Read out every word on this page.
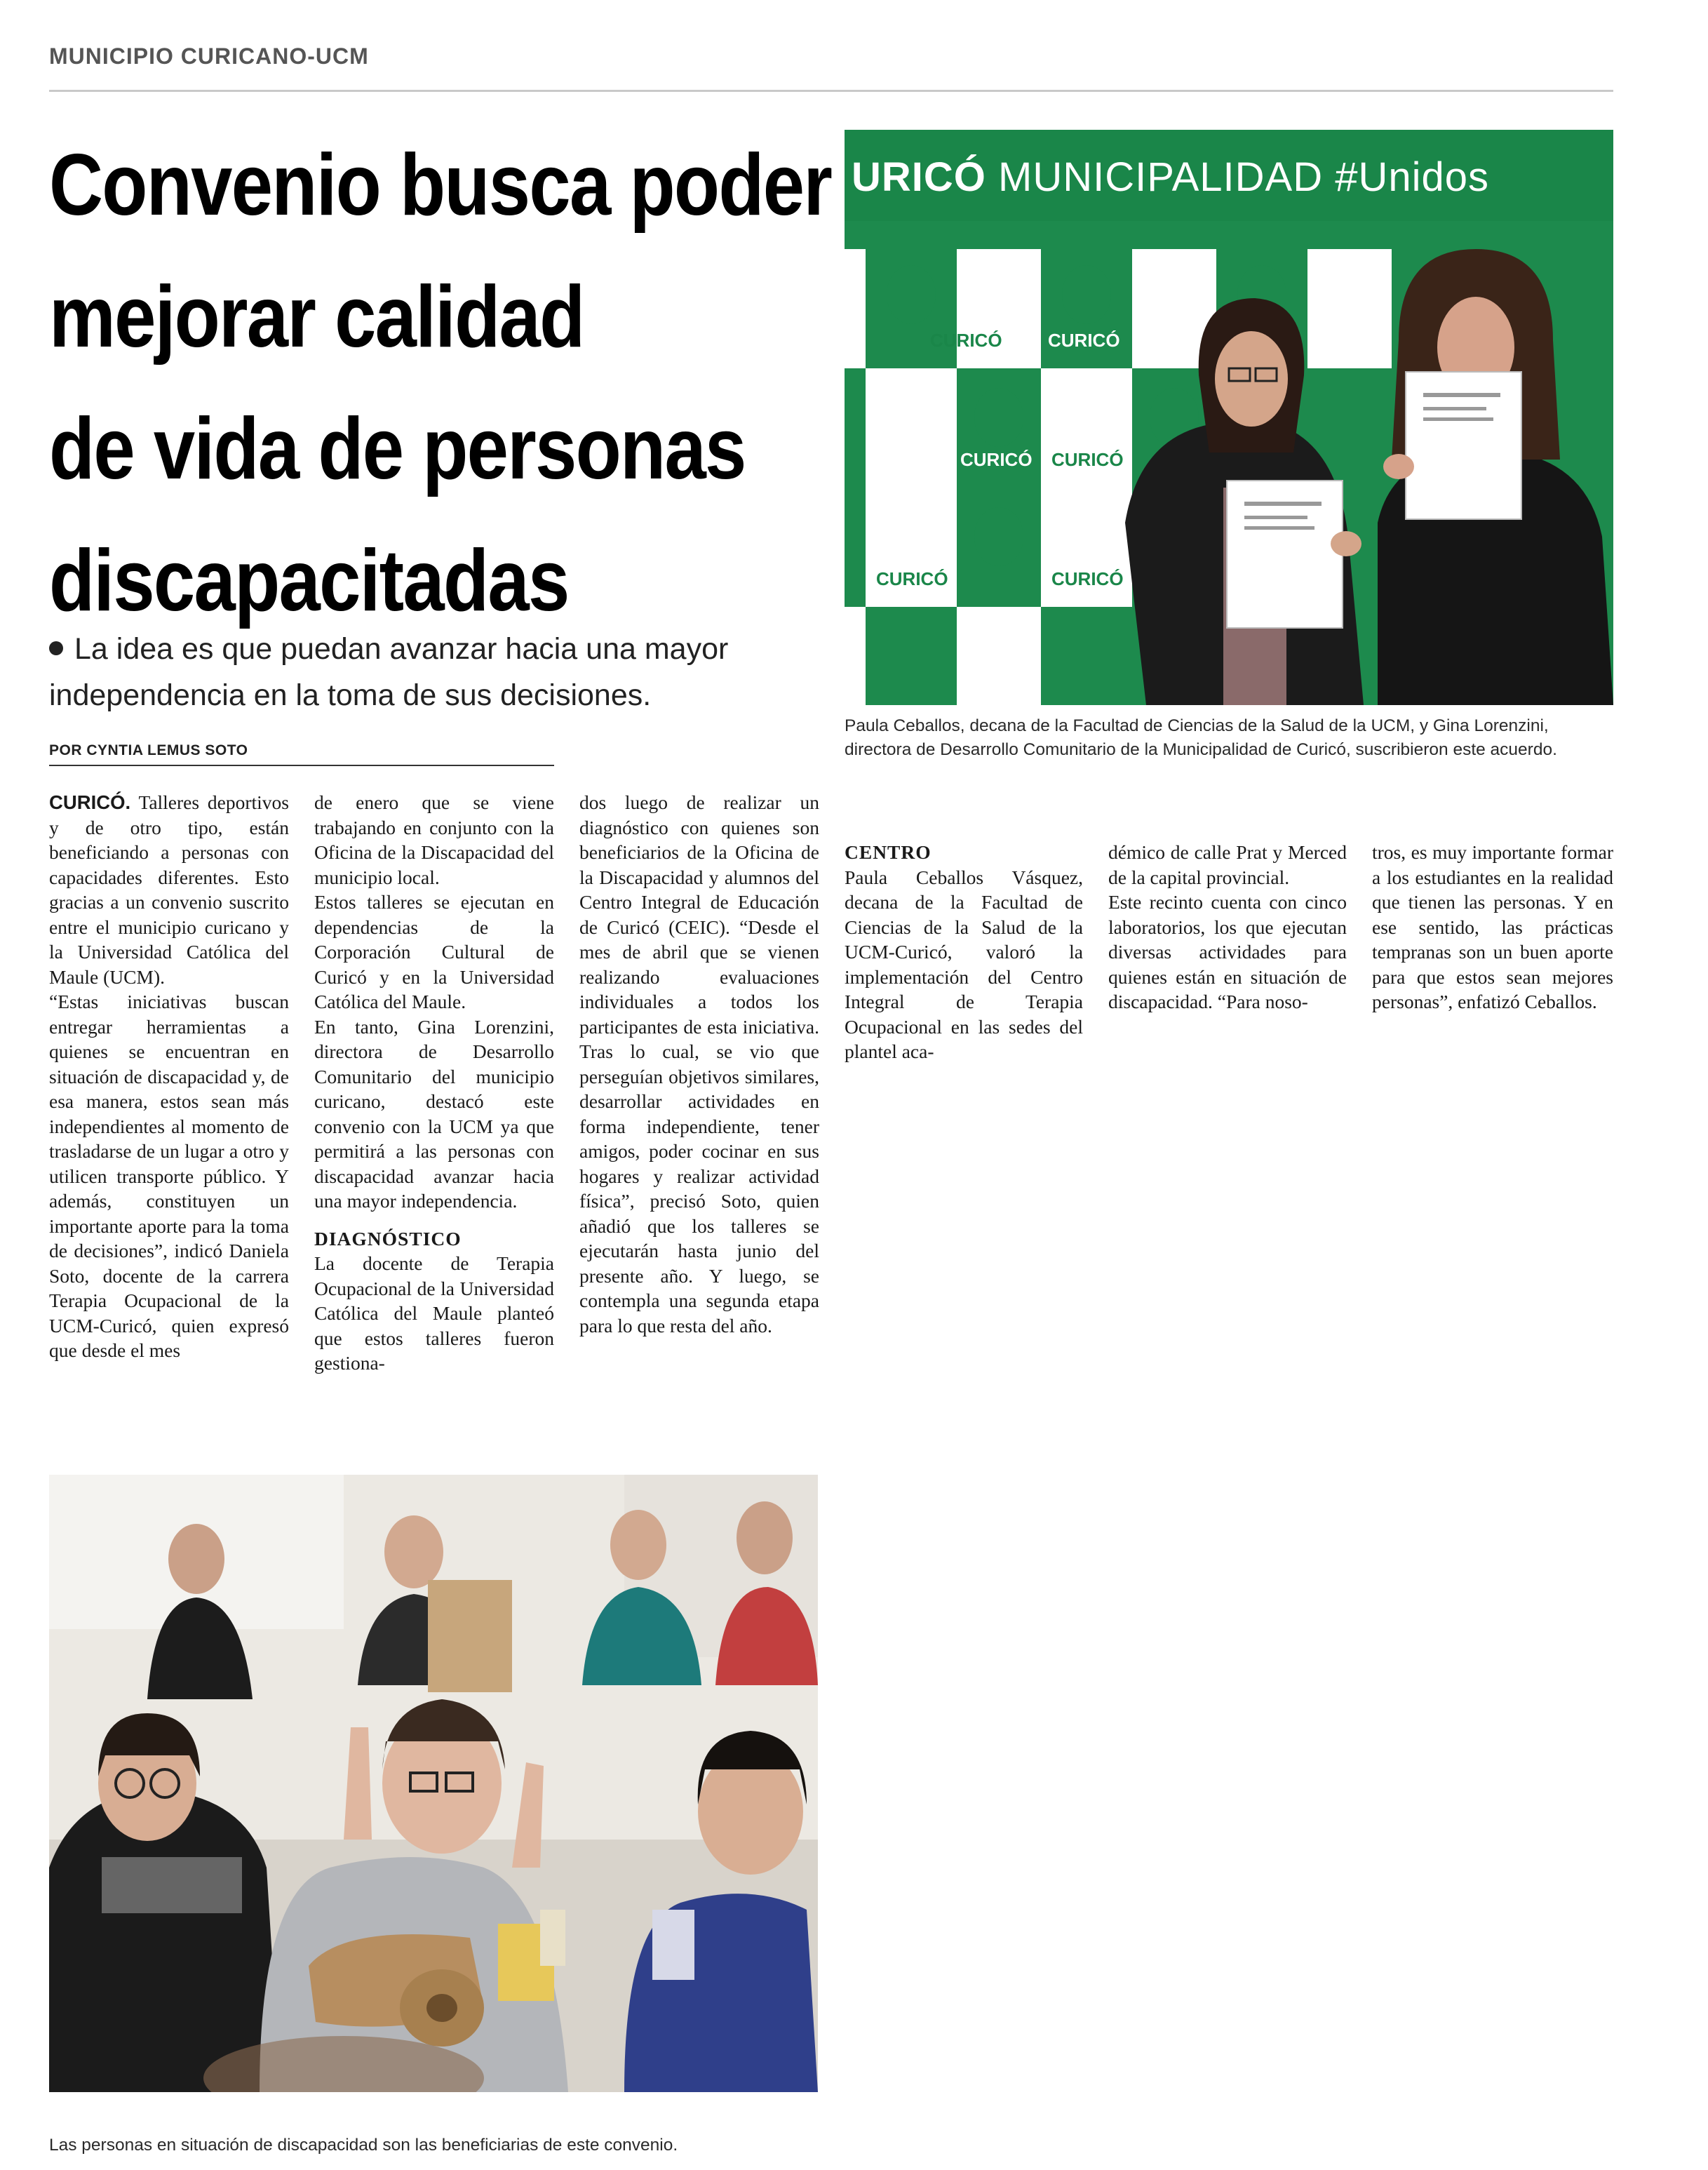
MUNICIPIO CURICANO-UCM
Convenio busca poder
mejorar calidad
de vida de personas
discapacitadas
La idea es que puedan avanzar hacia una mayor independencia en la toma de sus decisiones.
POR CYNTIA LEMUS SOTO

CURICÓ. Talleres deportivos y de otro tipo, están beneficiando a personas con capacidades diferentes. Esto gracias a un convenio suscrito entre el municipio curicano y la Universidad Católica del Maule (UCM).

“Estas iniciativas buscan entregar herramientas a quienes se encuentran en situación de discapacidad y, de esa manera, estos sean más independientes al momento de trasladarse de un lugar a otro y utilicen transporte público. Y además, constituyen un importante aporte para la toma de decisiones”, indicó Daniela Soto, docente de la carrera Terapia Ocupacional de la UCM-Curicó, quien expresó que desde el mes

de enero que se viene trabajando en conjunto con la Oficina de la Discapacidad del municipio local.

Estos talleres se ejecutan en dependencias de la Corporación Cultural de Curicó y en la Universidad Católica del Maule.

En tanto, Gina Lorenzini, directora de Desarrollo Comunitario del municipio curicano, destacó este convenio con la UCM ya que permitirá a las personas con discapacidad avanzar hacia una mayor independencia.

DIAGNÓSTICO

La docente de Terapia Ocupacional de la Universidad Católica del Maule planteó que estos talleres fueron gestiona-

dos luego de realizar un diagnóstico con quienes son beneficiarios de la Oficina de la Discapacidad y alumnos del Centro Integral de Educación de Curicó (CEIC). “Desde el mes de abril que se vienen realizando evaluaciones individuales a todos los participantes de esta iniciativa. Tras lo cual, se vio que perseguían objetivos similares, desarrollar actividades en forma independiente, tener amigos, poder cocinar en sus hogares y realizar actividad física”, precisó Soto, quien añadió que los talleres se ejecutarán hasta junio del presente año. Y luego, se contempla una segunda etapa para lo que resta del año.

CENTRO

Paula Ceballos Vásquez, decana de la Facultad de Ciencias de la Salud de la UCM-Curicó, valoró la implementación del Centro Integral de Terapia Ocupacional en las sedes del plantel aca-

démico de calle Prat y Merced de la capital provincial.

Este recinto cuenta con cinco laboratorios, los que ejecutan diversas actividades para quienes están en situación de discapacidad. “Para noso-

tros, es muy importante formar a los estudiantes en la realidad que tienen las personas. Y en ese sentido, las prácticas tempranas son un buen aporte para que estos sean mejores personas”, enfatizó Ceballos.

URICÓ MUNICIPALIDAD #Unidos
CURICÓ	CURICÓ
CURICÓ CURICÓ
CURICÓ	CURICÓ
Paula Ceballos, decana de la Facultad de Ciencias de la Salud de la UCM, y Gina Lorenzini, directora de Desarrollo Comunitario de la Municipalidad de Curicó, suscribieron este acuerdo.
Las personas en situación de discapacidad son las beneficiarias de este convenio.
